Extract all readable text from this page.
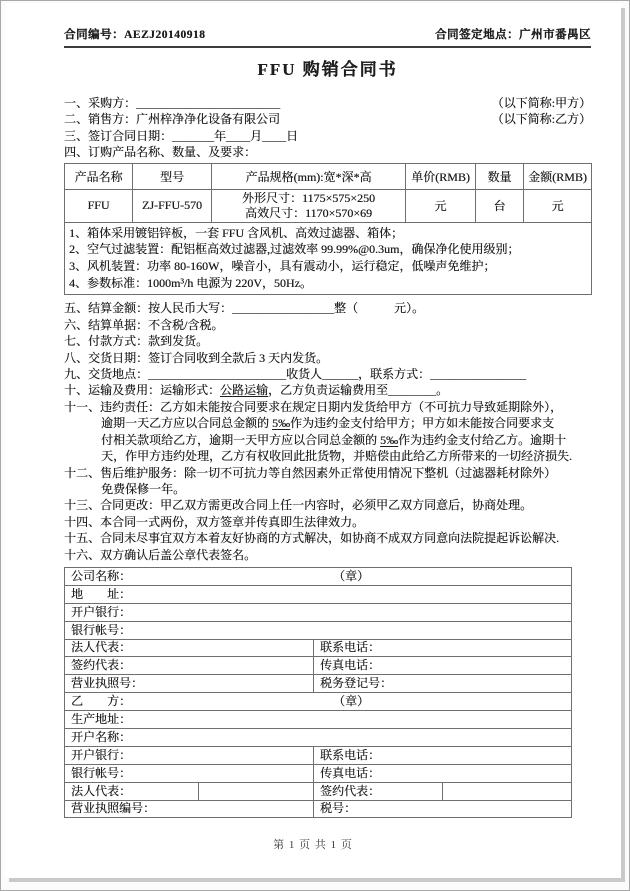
合同编号：AEZJ20140918	合同签定地点：广州市番禺区
FFU 购销合同书
一、采购方：________________________	（以下简称:甲方）
二、销售方：广州梓净净化设备有限公司	（以下简称:乙方）
三、签订合同日期：_______年____月____日
四、订购产品名称、数量、及要求：
产品名称	型号	产品规格(mm):宽*深*高	单价(RMB)	数量	金额(RMB)
FFU	ZJ-FFU-570	外形尺寸：1175×575×250
高效尺寸：1170×570×69	元	台	元

1、箱体采用镀铝锌板，一套 FFU 含风机、高效过滤器、箱体；
2、空气过滤装置：配铝框高效过滤器,过滤效率 99.99%@0.3um，确保净化使用级别；
3、风机装置：功率 80-160W，噪音小，具有震动小，运行稳定，低噪声免维护；
4、参数标准：1000m³/h 电源为 220V，50Hz。					
五、结算金额：按人民币大写：_________________整（　　　元）。
六、结算单据：不含税/含税。
七、付款方式：款到发货。
八、交货日期：签订合同收到全款后 3 天内发货。
九、交货地点：_______________________收货人______，联系方式：________________
十、运输及费用：运输形式：公路运输，乙方负责运输费用至________。
十一、违约责任：乙方如未能按合同要求在规定日期内发货给甲方（不可抗力导致延期除外），
逾期一天乙方应以合同总金额的 5‰作为违约金支付给甲方；甲方如未能按合同要求支
付相关款项给乙方，逾期一天甲方应以合同总金额的 5‰作为违约金支付给乙方。逾期十
天，作甲方违约处理，乙方有权收回此批货物，并赔偿由此给乙方所带来的一切经济损失.
十二、售后维护服务：除一切不可抗力等自然因素外正常使用情况下整机（过滤器耗材除外）
免费保修一年。
十三、合同更改：甲乙双方需更改合同上任一内容时，必须甲乙双方同意后，协商处理。
十四、本合同一式两份，双方签章并传真即生法律效力。
十五、合同未尽事宜双方本着友好协商的方式解决，如协商不成双方同意向法院提起诉讼解决.
十六、双方确认后盖公章代表签名。
公司名称： （章）			

地　　址：			
开户银行：			
银行帐号：			
法人代表：		联系电话：	
签约代表：		传真电话：	
营业执照号：		税务登记号：	

乙　　方： （章）			

生产地址：			
开户名称：			
开户银行：		联系电话：	
银行帐号：		传真电话：	
法人代表：		签约代表：	
营业执照编号：		税号：	
第 1 页 共 1 页
